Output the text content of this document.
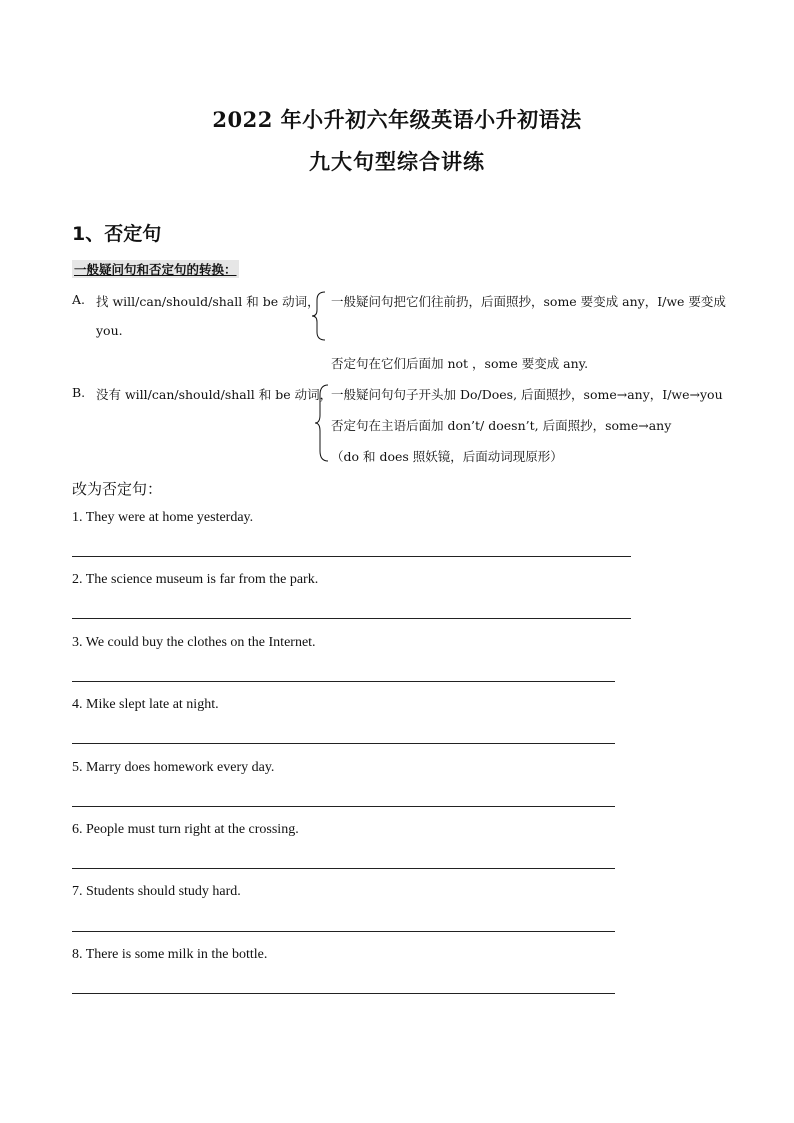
2022 年小升初六年级英语小升初语法
九大句型综合讲练
1、否定句
一般疑问句和否定句的转换：
A. 找 will/can/should/shall 和 be 动词，
you.
一般疑问句把它们往前扔，后面照抄，some 要变成 any，I/we 要变成
否定句在它们后面加 not ，some 要变成 any.
B. 没有 will/can/should/shall 和 be 动词，
一般疑问句句子开头加 Do/Does, 后面照抄，some→any，I/we→you
否定句在主语后面加 don’t/ doesn’t, 后面照抄，some→any
（do 和 does 照妖镜，后面动词现原形）
改为否定句：
1. They were at home yesterday.
2. The science museum is far from the park.
3. We could buy the clothes on the Internet.
4. Mike slept late at night.
5. Marry does homework every day.
6. People must turn right at the crossing.
7. Students should study hard.
8. There is some milk in the bottle.
